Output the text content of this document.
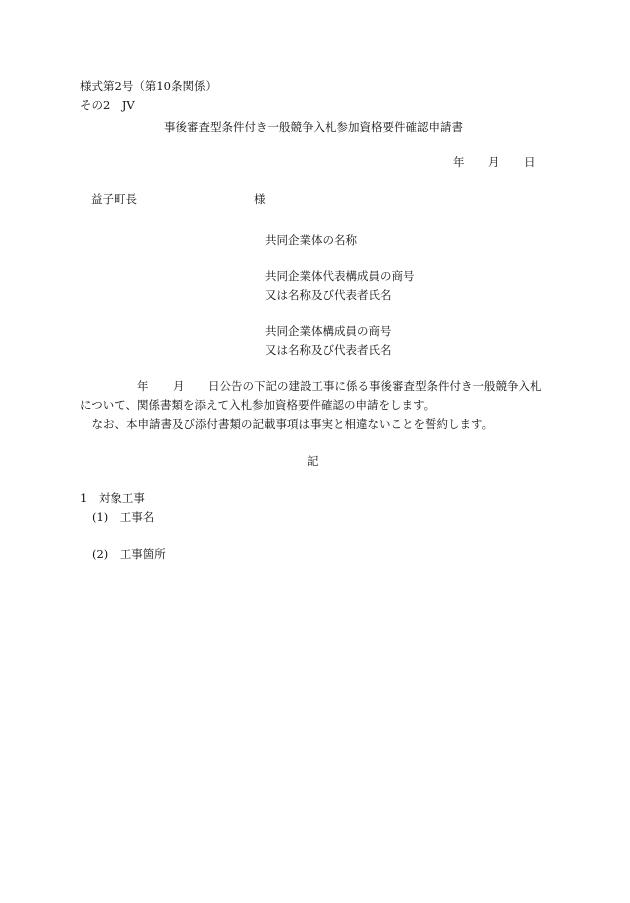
様式第2号（第10条関係）
その2　JV
事後審査型条件付き一般競争入札参加資格要件確認申請書
年 月 日
益子町長	様
共同企業体の名称
共同企業体代表構成員の商号
又は名称及び代表者氏名
共同企業体構成員の商号
又は名称及び代表者氏名
年 月 日公告の下記の建設工事に係る事後審査型条件付き一般競争入札
について、関係書類を添えて入札参加資格要件確認の申請をします。
　なお、本申請書及び添付書類の記載事項は事実と相違ないことを誓約します。
記
1　対象工事
(1)　工事名
(2)　工事箇所
